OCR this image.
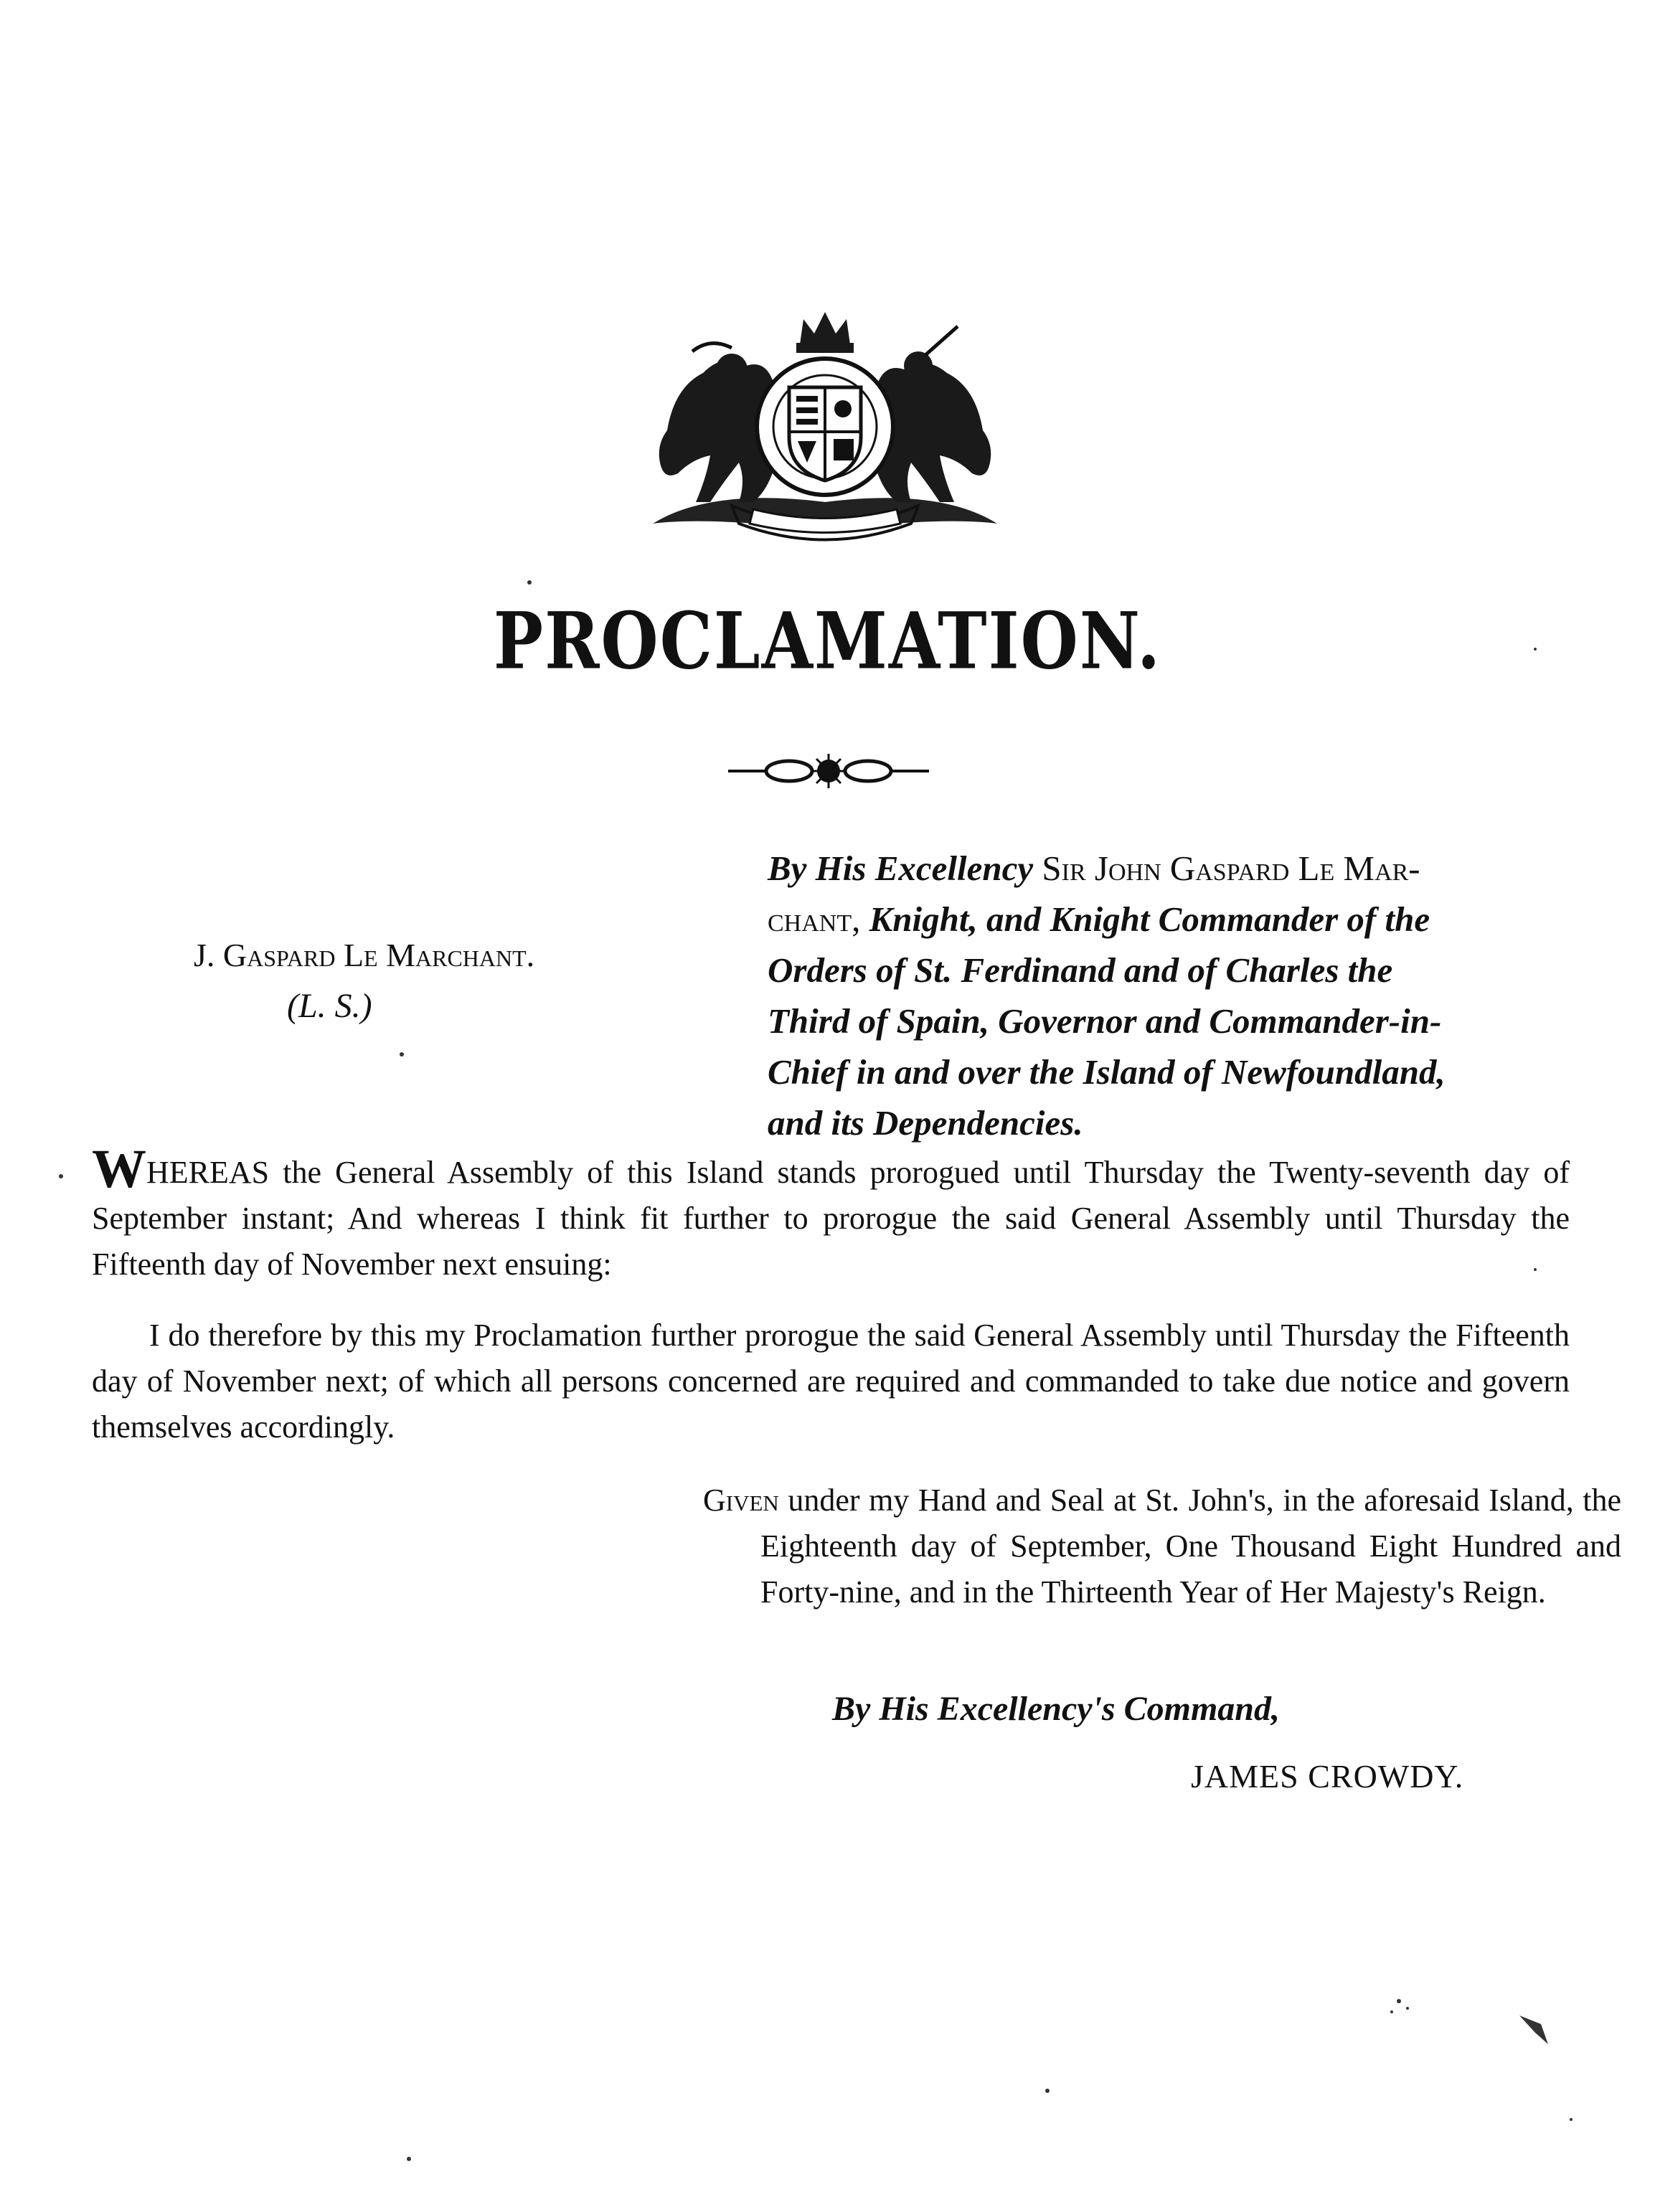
PROCLAMATION.
J. Gaspard Le Marchant.
(L. S.)
By His Excellency Sir John Gaspard Le Mar-
chant, Knight, and Knight Commander of the
Orders of St. Ferdinand and of Charles the
Third of Spain, Governor and Commander-in-
Chief in and over the Island of Newfoundland,
and its Dependencies.
WHEREAS the General Assembly of this Island stands prorogued until Thursday the Twenty-seventh day of September instant; And whereas I think fit further to prorogue the said General Assembly until Thursday the Fifteenth day of November next ensuing:
I do therefore by this my Proclamation further prorogue the said General Assembly until Thursday the Fifteenth day of November next; of which all persons concerned are required and commanded to take due notice and govern themselves accordingly.
Given under my Hand and Seal at St. John's, in the aforesaid Island, the Eighteenth day of September, One Thousand Eight Hundred and Forty-nine, and in the Thirteenth Year of Her Majesty's Reign.
By His Excellency's Command,
JAMES CROWDY.
